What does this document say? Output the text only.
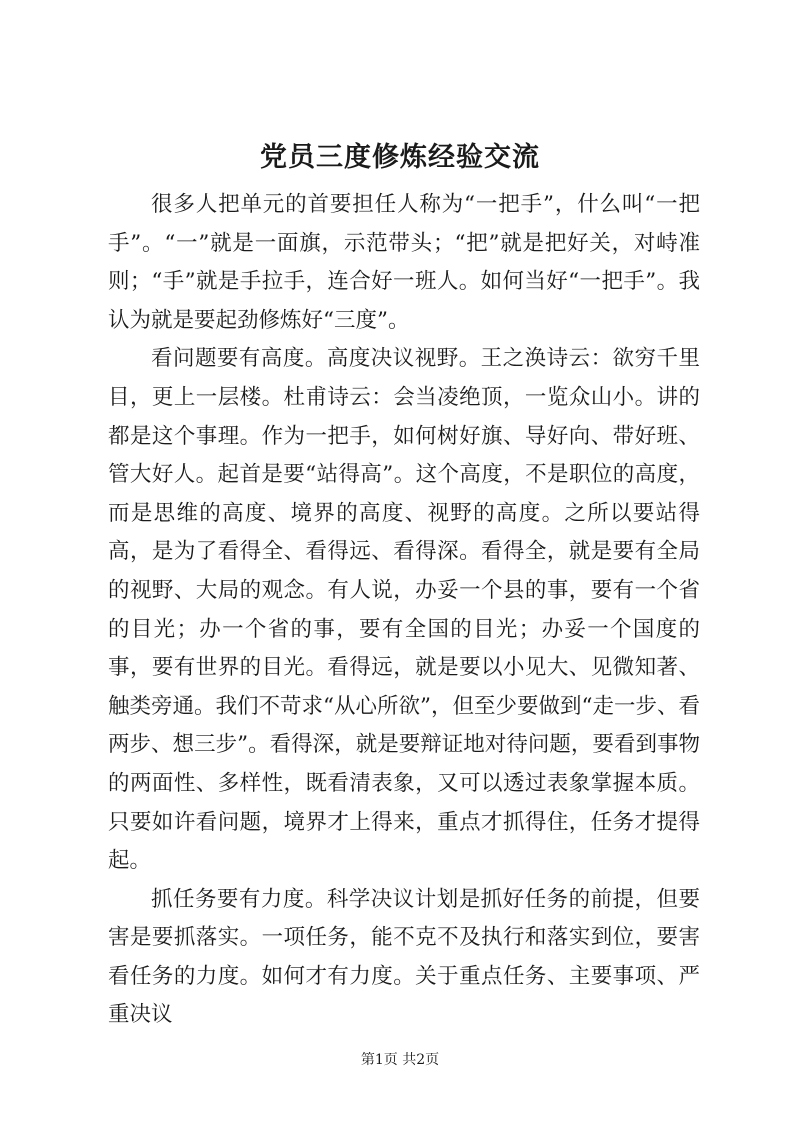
党员三度修炼经验交流

很多人把单元的首要担任人称为“一把手”，什么叫“一把手”。“一”就是一面旗，示范带头；“把”就是把好关，对峙准则；“手”就是手拉手，连合好一班人。如何当好“一把手”。我认为就是要起劲修炼好“三度”。

看问题要有高度。高度决议视野。王之涣诗云：欲穷千里目，更上一层楼。杜甫诗云：会当凌绝顶，一览众山小。讲的都是这个事理。作为一把手，如何树好旗、导好向、带好班、管大好人。起首是要“站得高”。这个高度，不是职位的高度，而是思维的高度、境界的高度、视野的高度。之所以要站得高，是为了看得全、看得远、看得深。看得全，就是要有全局的视野、大局的观念。有人说，办妥一个县的事，要有一个省的目光；办一个省的事，要有全国的目光；办妥一个国度的事，要有世界的目光。看得远，就是要以小见大、见微知著、触类旁通。我们不苛求“从心所欲”，但至少要做到“走一步、看两步、想三步”。看得深，就是要辩证地对待问题，要看到事物的两面性、多样性，既看清表象，又可以透过表象掌握本质。只要如许看问题，境界才上得来，重点才抓得住，任务才提得起。

抓任务要有力度。科学决议计划是抓好任务的前提，但要害是要抓落实。一项任务，能不克不及执行和落实到位，要害看任务的力度。如何才有力度。关于重点任务、主要事项、严重决议

第1页 共2页
